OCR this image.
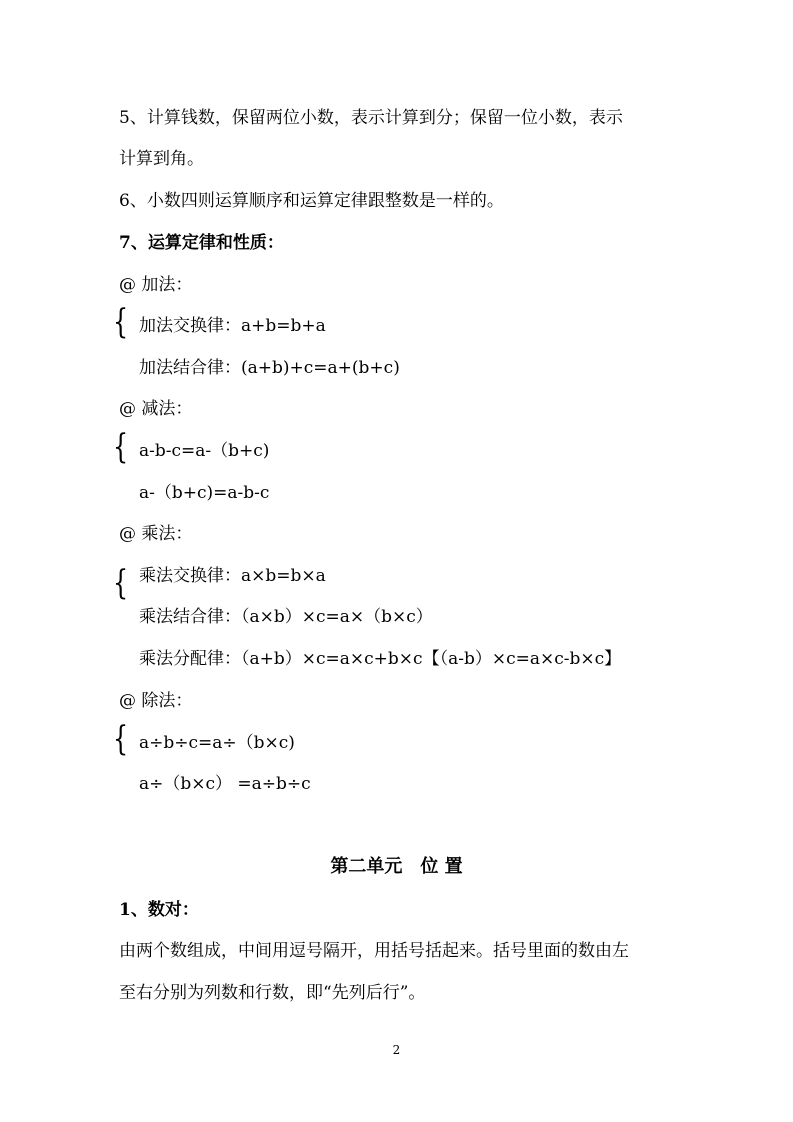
5、计算钱数，保留两位小数，表示计算到分；保留一位小数，表示

计算到角。

6、小数四则运算顺序和运算定律跟整数是一样的。

7、运算定律和性质：

@ 加法：

{ 加法交换律：a+b=b+a

加法结合律：(a+b)+c=a+(b+c)

@ 减法：

{ a-b-c=a-（b+c)

a-（b+c)=a-b-c

@ 乘法：

{ 乘法交换律：a×b=b×a

乘法结合律：（a×b）×c=a×（b×c）

乘法分配律：（a+b）×c=a×c+b×c【（a-b）×c=a×c-b×c】

@ 除法：

{ a÷b÷c=a÷（b×c)

a÷（b×c） =a÷b÷c

第二单元　位 置

1、数对：

由两个数组成，中间用逗号隔开，用括号括起来。括号里面的数由左

至右分别为列数和行数，即“先列后行”。

2
